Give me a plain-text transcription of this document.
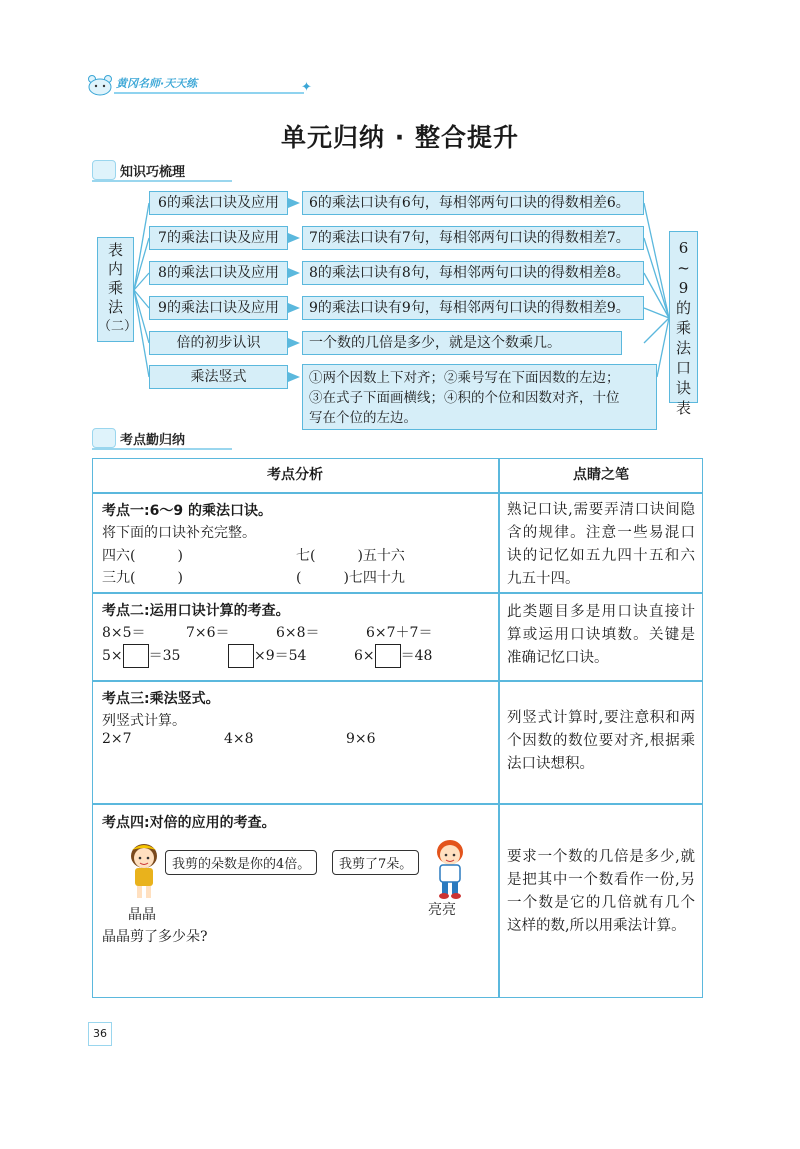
黄冈名师·天天练	✦
单元归纳 · 整合提升
知识巧梳理
表
内
乘
法
（二）
6的乘法口诀及应用	6的乘法口诀有6句，每相邻两句口诀的得数相差6。
7的乘法口诀及应用	7的乘法口诀有7句，每相邻两句口诀的得数相差7。
8的乘法口诀及应用	8的乘法口诀有8句，每相邻两句口诀的得数相差8。
9的乘法口诀及应用	9的乘法口诀有9句，每相邻两句口诀的得数相差9。
倍的初步认识	一个数的几倍是多少，就是这个数乘几。
乘法竖式	①两个因数上下对齐；②乘号写在下面因数的左边；
③在式子下面画横线；④积的个位和因数对齐，十位
写在个位的左边。
6
~
9
的
乘
法
口
诀
表
考点勤归纳
考点分析	点睛之笔
考点一:6～9 的乘法口诀。
将下面的口诀补充完整。
四六(　　　)	七(　　　)五十六
三九(　　　)	(　　　)七四十九
熟记口诀,需要弄清口诀间隐含的规律。注意一些易混口诀的记忆如五九四十五和六九五十四。
考点二:运用口诀计算的考查。
8×5＝	7×6＝	6×8＝	6×7＋7＝
5× ＝35	×9＝54	6× ＝48
此类题目多是用口诀直接计算或运用口诀填数。关键是准确记忆口诀。
考点三:乘法竖式。
列竖式计算。
2×7	4×8	9×6
列竖式计算时,要注意积和两个因数的数位要对齐,根据乘法口诀想积。
考点四:对倍的应用的考查。
我剪的朵数是你的4倍。	我剪了7朵。
晶晶	亮亮
晶晶剪了多少朵?
要求一个数的几倍是多少,就是把其中一个数看作一份,另一个数是它的几倍就有几个这样的数,所以用乘法计算。
36
